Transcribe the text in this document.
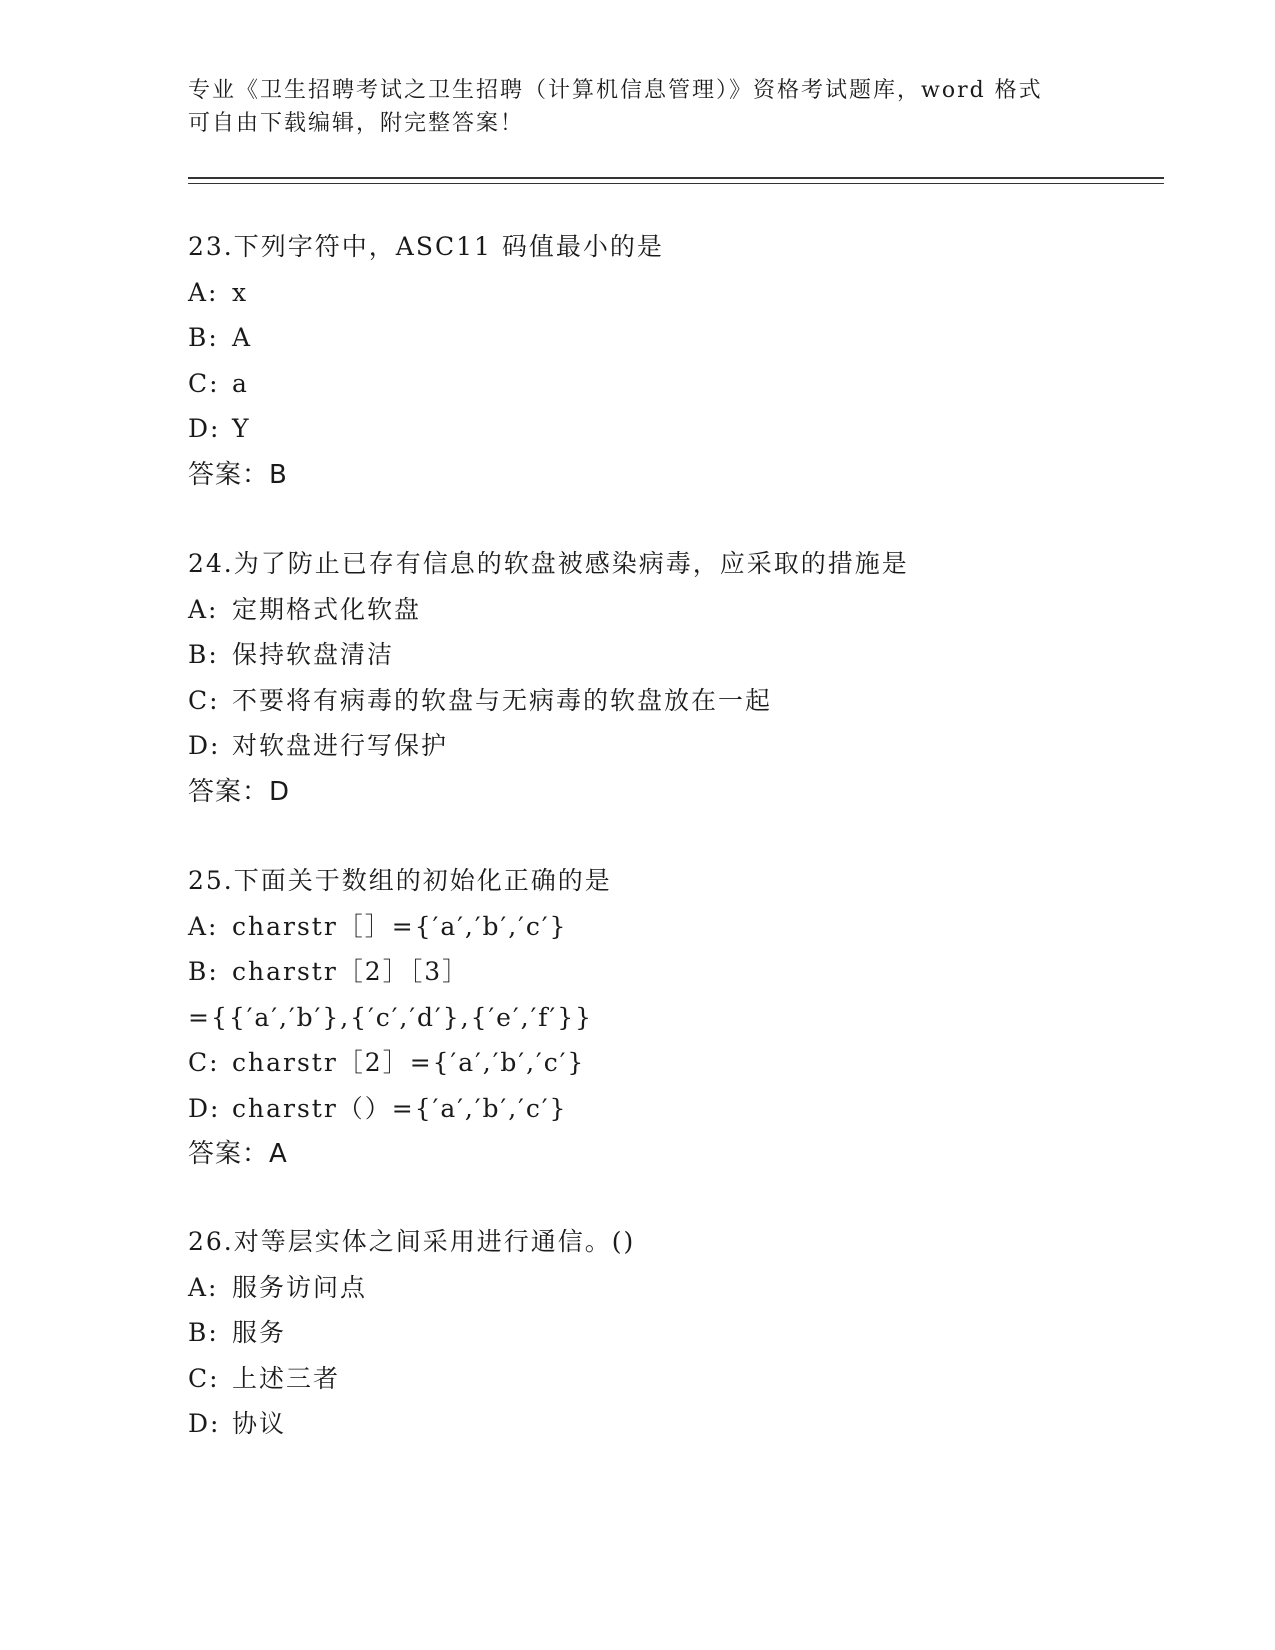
专业《卫生招聘考试之卫生招聘（计算机信息管理）》资格考试题库，word 格式
可自由下载编辑，附完整答案！
23.下列字符中，ASC11 码值最小的是
A: x
B: A
C: a
D: Y
答案：B
24.为了防止已存有信息的软盘被感染病毒，应采取的措施是
A: 定期格式化软盘
B: 保持软盘清洁
C: 不要将有病毒的软盘与无病毒的软盘放在一起
D: 对软盘进行写保护
答案：D
25.下面关于数组的初始化正确的是
A: charstr［］={′a′,′b′,′c′}
B: charstr［2］［3］
={{′a′,′b′},{′c′,′d′},{′e′,′f′}}
C: charstr［2］={′a′,′b′,′c′}
D: charstr（）={′a′,′b′,′c′}
答案：A
26.对等层实体之间采用进行通信。()
A: 服务访问点
B: 服务
C: 上述三者
D: 协议
